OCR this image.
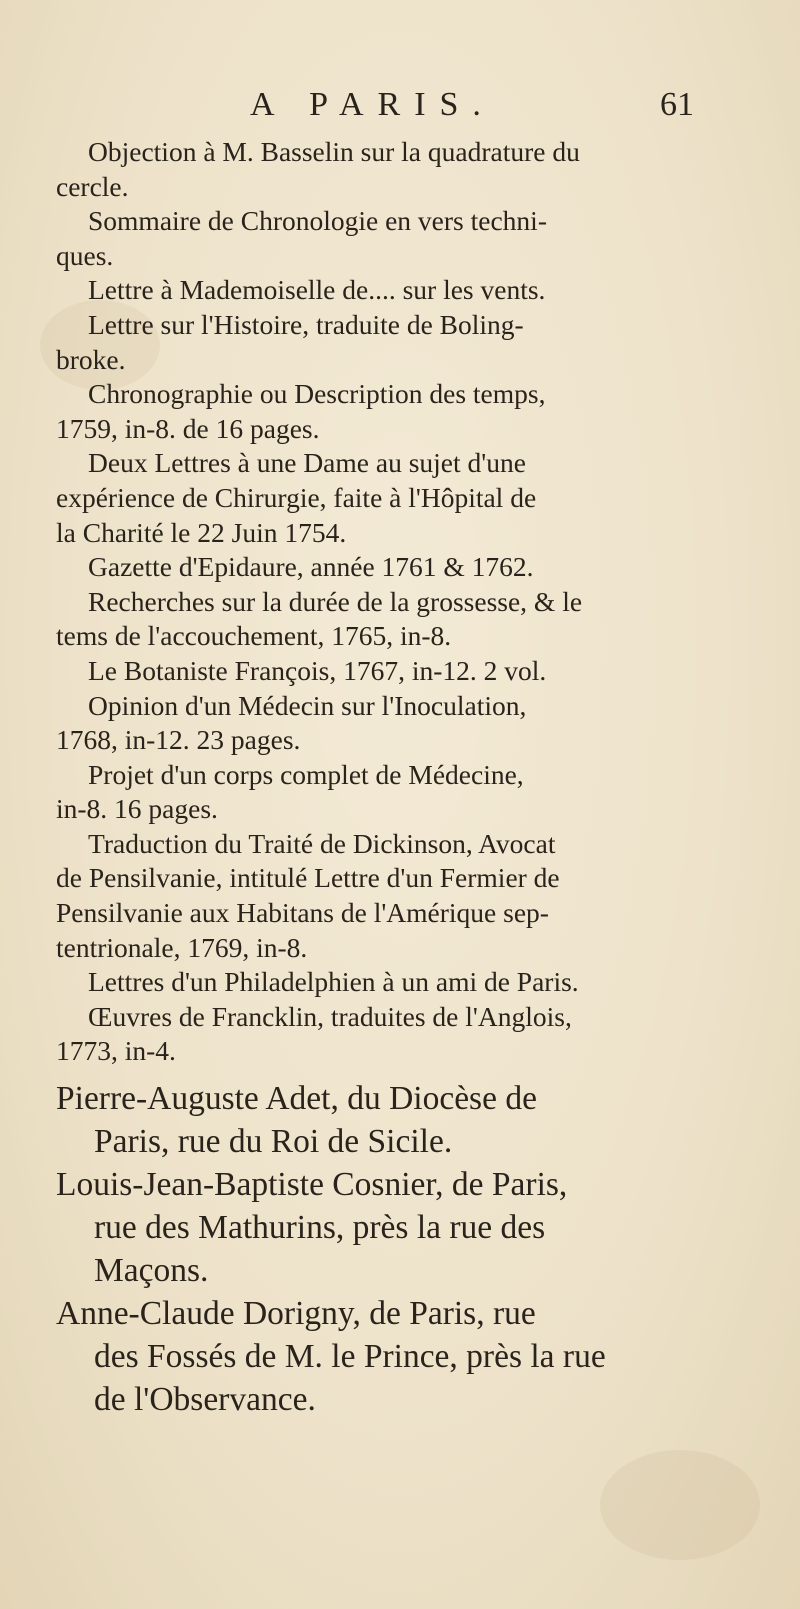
A PARIS.	61
Objection à M. Basselin sur la quadrature du
cercle.
Sommaire de Chronologie en vers techni-
ques.
Lettre à Mademoiselle de.... sur les vents.
Lettre sur l'Histoire, traduite de Boling-
broke.
Chronographie ou Description des temps,
1759, in-8. de 16 pages.
Deux Lettres à une Dame au sujet d'une
expérience de Chirurgie, faite à l'Hôpital de
la Charité le 22 Juin 1754.
Gazette d'Epidaure, année 1761 & 1762.
Recherches sur la durée de la grossesse, & le
tems de l'accouchement, 1765, in-8.
Le Botaniste François, 1767, in-12. 2 vol.
Opinion d'un Médecin sur l'Inoculation,
1768, in-12. 23 pages.
Projet d'un corps complet de Médecine,
in-8. 16 pages.
Traduction du Traité de Dickinson, Avocat
de Pensilvanie, intitulé Lettre d'un Fermier de
Pensilvanie aux Habitans de l'Amérique sep-
tentrionale, 1769, in-8.
Lettres d'un Philadelphien à un ami de Paris.
Œuvres de Francklin, traduites de l'Anglois,
1773, in-4.
Pierre-Auguste Adet, du Diocèse de
Paris, rue du Roi de Sicile.
Louis-Jean-Baptiste Cosnier, de Paris,
rue des Mathurins, près la rue des
Maçons.
Anne-Claude Dorigny, de Paris, rue
des Fossés de M. le Prince, près la rue
de l'Observance.
